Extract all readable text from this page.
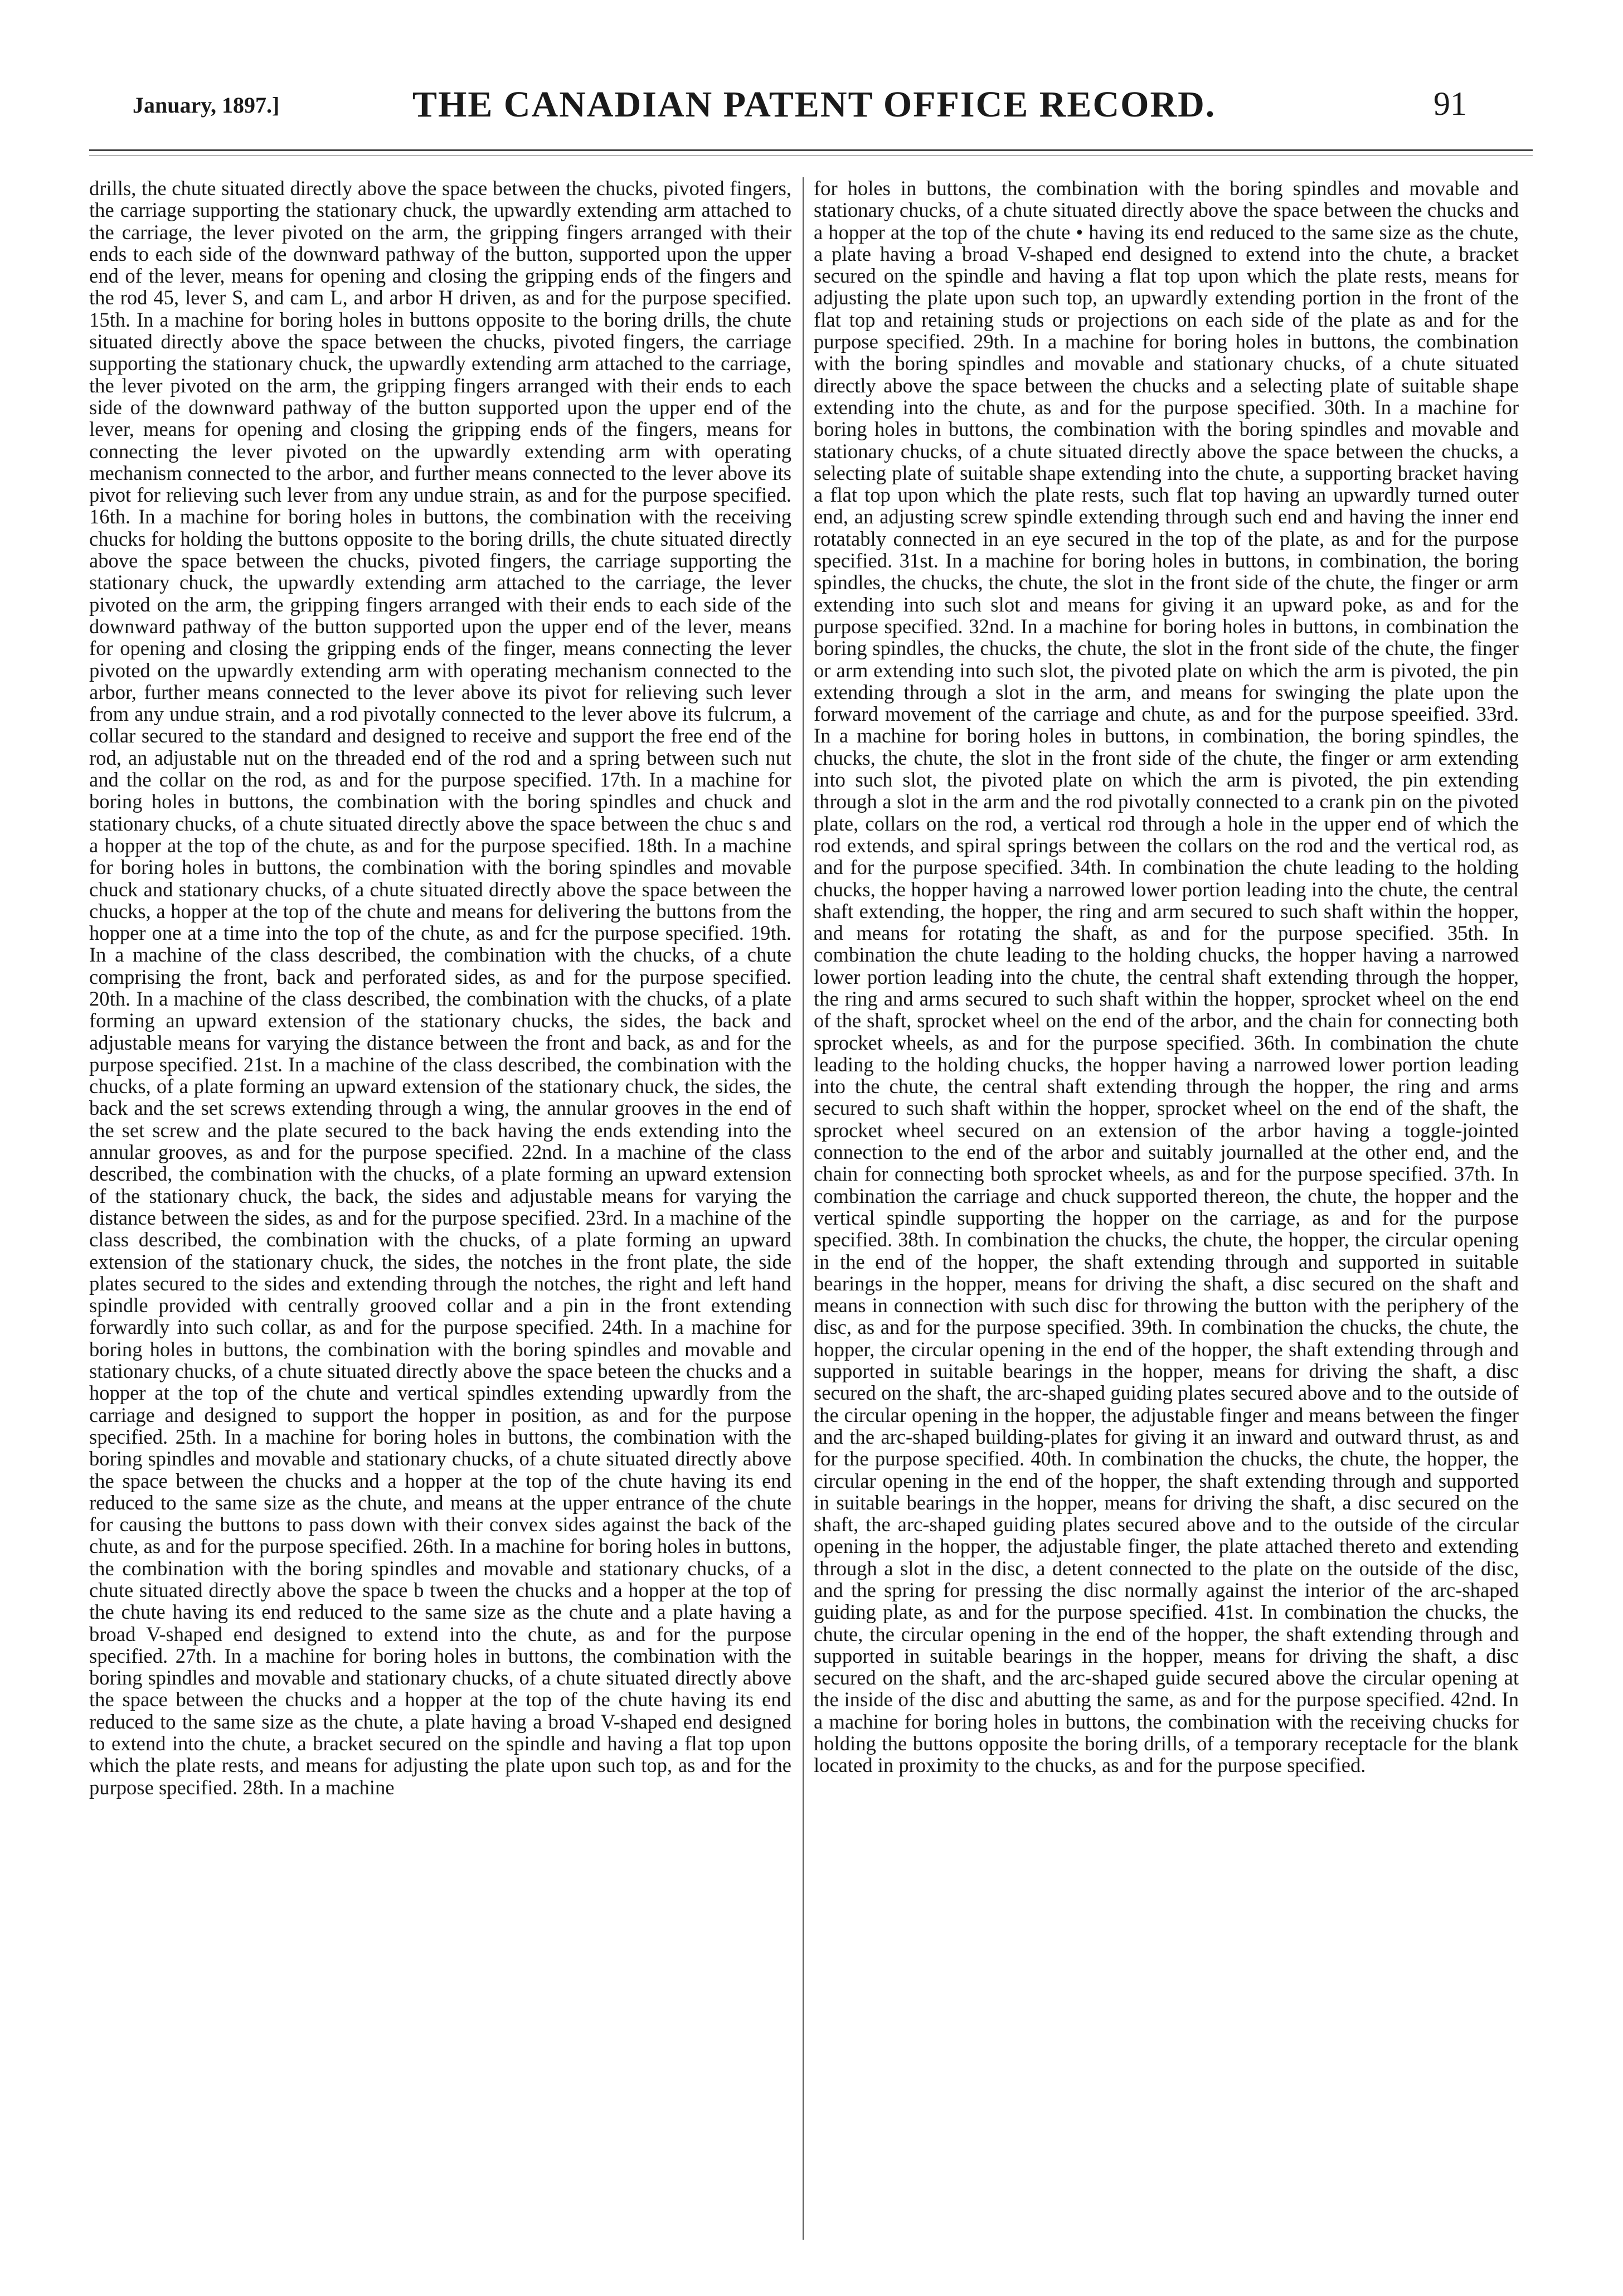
January, 1897.]	THE CANADIAN PATENT OFFICE RECORD.	91

drills, the chute situated directly above the space between the chucks, pivoted fingers, the carriage supporting the stationary chuck, the upwardly extending arm attached to the carriage, the lever pivoted on the arm, the gripping fingers arranged with their ends to each side of the downward pathway of the button, supported upon the upper end of the lever, means for opening and closing the gripping ends of the fingers and the rod 45, lever S, and cam L, and arbor H driven, as and for the purpose specified. 15th. In a machine for boring holes in buttons opposite to the boring drills, the chute situated directly above the space between the chucks, pivoted fingers, the carriage supporting the stationary chuck, the upwardly extending arm attached to the carriage, the lever pivoted on the arm, the gripping fingers arranged with their ends to each side of the downward pathway of the button supported upon the upper end of the lever, means for opening and closing the gripping ends of the fingers, means for connecting the lever pivoted on the upwardly extending arm with operating mechanism connected to the arbor, and further means connected to the lever above its pivot for relieving such lever from any undue strain, as and for the purpose specified. 16th. In a machine for boring holes in buttons, the combination with the receiving chucks for holding the buttons opposite to the boring drills, the chute situated directly above the space between the chucks, pivoted fingers, the carriage supporting the stationary chuck, the upwardly extending arm attached to the carriage, the lever pivoted on the arm, the gripping fingers arranged with their ends to each side of the downward pathway of the button supported upon the upper end of the lever, means for opening and closing the gripping ends of the finger, means connecting the lever pivoted on the upwardly extending arm with operating mechanism connected to the arbor, further means connected to the lever above its pivot for relieving such lever from any undue strain, and a rod pivotally connected to the lever above its fulcrum, a collar secured to the standard and designed to receive and support the free end of the rod, an adjustable nut on the threaded end of the rod and a spring between such nut and the collar on the rod, as and for the purpose specified. 17th. In a machine for boring holes in buttons, the combination with the boring spindles and chuck and stationary chucks, of a chute situated directly above the space between the chuc s and a hopper at the top of the chute, as and for the purpose specified. 18th. In a machine for boring holes in buttons, the combination with the boring spindles and movable chuck and stationary chucks, of a chute situated directly above the space between the chucks, a hopper at the top of the chute and means for delivering the buttons from the hopper one at a time into the top of the chute, as and fcr the purpose specified. 19th. In a machine of the class described, the combination with the chucks, of a chute comprising the front, back and perforated sides, as and for the purpose specified. 20th. In a machine of the class described, the combination with the chucks, of a plate forming an upward extension of the stationary chucks, the sides, the back and adjustable means for varying the distance between the front and back, as and for the purpose specified. 21st. In a machine of the class described, the combination with the chucks, of a plate forming an upward extension of the stationary chuck, the sides, the back and the set screws extending through a wing, the annular grooves in the end of the set screw and the plate secured to the back having the ends extending into the annular grooves, as and for the purpose specified. 22nd. In a machine of the class described, the combination with the chucks, of a plate forming an upward extension of the stationary chuck, the back, the sides and adjustable means for varying the distance between the sides, as and for the purpose specified. 23rd. In a machine of the class described, the combination with the chucks, of a plate forming an upward extension of the stationary chuck, the sides, the notches in the front plate, the side plates secured to the sides and extending through the notches, the right and left hand spindle provided with centrally grooved collar and a pin in the front extending forwardly into such collar, as and for the purpose specified. 24th. In a machine for boring holes in buttons, the combination with the boring spindles and movable and stationary chucks, of a chute situated directly above the space beteen the chucks and a hopper at the top of the chute and vertical spindles extending upwardly from the carriage and designed to support the hopper in position, as and for the purpose specified. 25th. In a machine for boring holes in buttons, the combination with the boring spindles and movable and stationary chucks, of a chute situated directly above the space between the chucks and a hopper at the top of the chute having its end reduced to the same size as the chute, and means at the upper entrance of the chute for causing the buttons to pass down with their convex sides against the back of the chute, as and for the purpose specified. 26th. In a machine for boring holes in buttons, the combination with the boring spindles and movable and stationary chucks, of a chute situated directly above the space b tween the chucks and a hopper at the top of the chute having its end reduced to the same size as the chute and a plate having a broad V-shaped end designed to extend into the chute, as and for the purpose specified. 27th. In a machine for boring holes in buttons, the combination with the boring spindles and movable and stationary chucks, of a chute situated directly above the space between the chucks and a hopper at the top of the chute having its end reduced to the same size as the chute, a plate having a broad V-shaped end designed to extend into the chute, a bracket secured on the spindle and having a flat top upon which the plate rests, and means for adjusting the plate upon such top, as and for the purpose specified. 28th. In a machine

for holes in buttons, the combination with the boring spindles and movable and stationary chucks, of a chute situated directly above the space between the chucks and a hopper at the top of the chute • having its end reduced to the same size as the chute, a plate having a broad V-shaped end designed to extend into the chute, a bracket secured on the spindle and having a flat top upon which the plate rests, means for adjusting the plate upon such top, an upwardly extending portion in the front of the flat top and retaining studs or projections on each side of the plate as and for the purpose specified. 29th. In a machine for boring holes in buttons, the combination with the boring spindles and movable and stationary chucks, of a chute situated directly above the space between the chucks and a selecting plate of suitable shape extending into the chute, as and for the purpose specified. 30th. In a machine for boring holes in buttons, the combination with the boring spindles and movable and stationary chucks, of a chute situated directly above the space between the chucks, a selecting plate of suitable shape extending into the chute, a supporting bracket having a flat top upon which the plate rests, such flat top having an upwardly turned outer end, an adjusting screw spindle extending through such end and having the inner end rotatably connected in an eye secured in the top of the plate, as and for the purpose specified. 31st. In a machine for boring holes in buttons, in combination, the boring spindles, the chucks, the chute, the slot in the front side of the chute, the finger or arm extending into such slot and means for giving it an upward poke, as and for the purpose specified. 32nd. In a machine for boring holes in buttons, in combination the boring spindles, the chucks, the chute, the slot in the front side of the chute, the finger or arm extending into such slot, the pivoted plate on which the arm is pivoted, the pin extending through a slot in the arm, and means for swinging the plate upon the forward movement of the carriage and chute, as and for the purpose speeified. 33rd. In a machine for boring holes in buttons, in combination, the boring spindles, the chucks, the chute, the slot in the front side of the chute, the finger or arm extending into such slot, the pivoted plate on which the arm is pivoted, the pin extending through a slot in the arm and the rod pivotally connected to a crank pin on the pivoted plate, collars on the rod, a vertical rod through a hole in the upper end of which the rod extends, and spiral springs between the collars on the rod and the vertical rod, as and for the purpose specified. 34th. In combination the chute leading to the holding chucks, the hopper having a narrowed lower portion leading into the chute, the central shaft extending, the hopper, the ring and arm secured to such shaft within the hopper, and means for rotating the shaft, as and for the purpose specified. 35th. In combination the chute leading to the holding chucks, the hopper having a narrowed lower portion leading into the chute, the central shaft extending through the hopper, the ring and arms secured to such shaft within the hopper, sprocket wheel on the end of the shaft, sprocket wheel on the end of the arbor, and the chain for connecting both sprocket wheels, as and for the purpose specified. 36th. In combination the chute leading to the holding chucks, the hopper having a narrowed lower portion leading into the chute, the central shaft extending through the hopper, the ring and arms secured to such shaft within the hopper, sprocket wheel on the end of the shaft, the sprocket wheel secured on an extension of the arbor having a toggle-jointed connection to the end of the arbor and suitably journalled at the other end, and the chain for connecting both sprocket wheels, as and for the purpose specified. 37th. In combination the carriage and chuck supported thereon, the chute, the hopper and the vertical spindle supporting the hopper on the carriage, as and for the purpose specified. 38th. In combination the chucks, the chute, the hopper, the circular opening in the end of the hopper, the shaft extending through and supported in suitable bearings in the hopper, means for driving the shaft, a disc secured on the shaft and means in connection with such disc for throwing the button with the periphery of the disc, as and for the purpose specified. 39th. In combination the chucks, the chute, the hopper, the circular opening in the end of the hopper, the shaft extending through and supported in suitable bearings in the hopper, means for driving the shaft, a disc secured on the shaft, the arc-shaped guiding plates secured above and to the outside of the circular opening in the hopper, the adjustable finger and means between the finger and the arc-shaped building-plates for giving it an inward and outward thrust, as and for the purpose specified. 40th. In combination the chucks, the chute, the hopper, the circular opening in the end of the hopper, the shaft extending through and supported in suitable bearings in the hopper, means for driving the shaft, a disc secured on the shaft, the arc-shaped guiding plates secured above and to the outside of the circular opening in the hopper, the adjustable finger, the plate attached thereto and extending through a slot in the disc, a detent connected to the plate on the outside of the disc, and the spring for pressing the disc normally against the interior of the arc-shaped guiding plate, as and for the purpose specified. 41st. In combination the chucks, the chute, the circular opening in the end of the hopper, the shaft extending through and supported in suitable bearings in the hopper, means for driving the shaft, a disc secured on the shaft, and the arc-shaped guide secured above the circular opening at the inside of the disc and abutting the same, as and for the purpose specified. 42nd. In a machine for boring holes in buttons, the combination with the receiving chucks for holding the buttons opposite the boring drills, of a temporary receptacle for the blank located in proximity to the chucks, as and for the purpose specified.
